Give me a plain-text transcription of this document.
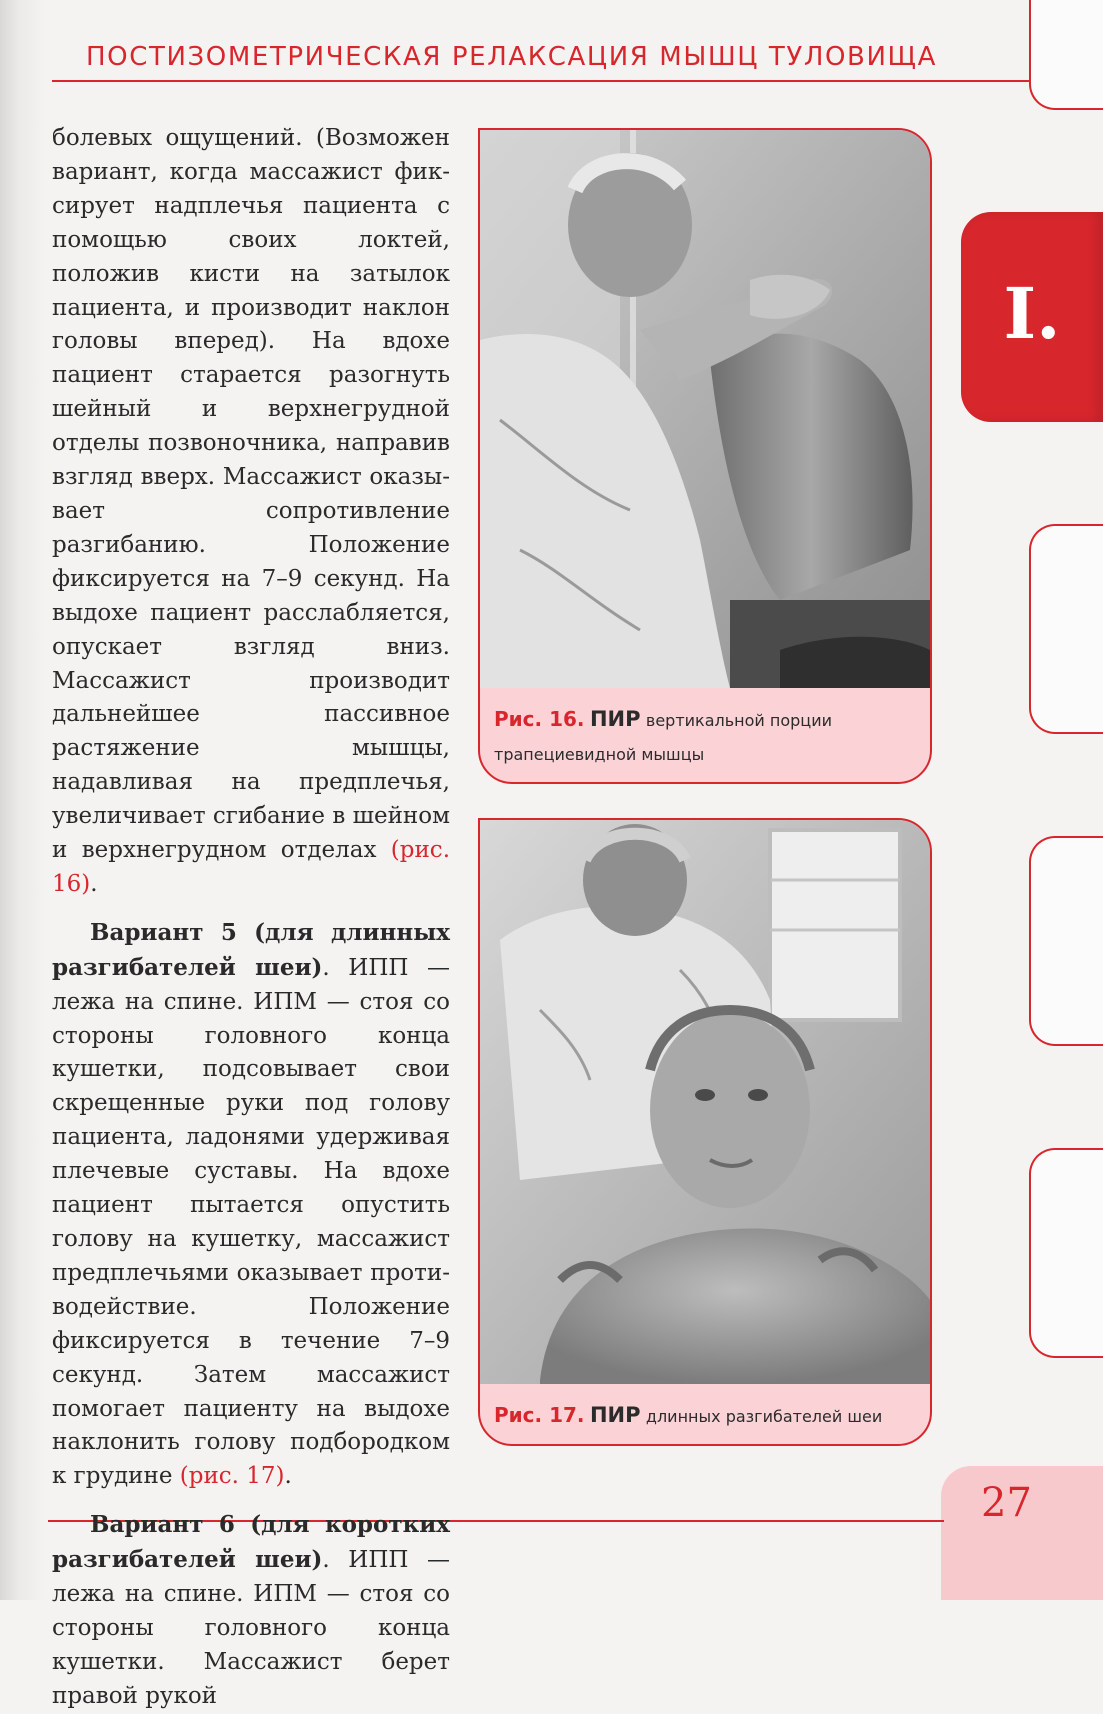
ПОСТИЗОМЕТРИЧЕСКАЯ РЕЛАКСАЦИЯ МЫШЦ ТУЛОВИЩА
I.
27

болевых ощущений. (Возможен вариант, когда массажист фиксирует надплечья пациента с помощью своих локтей, положив кисти на затылок пациента, и производит наклон головы вперед). На вдохе пациент старается разогнуть шейный и верхнегрудной отделы позвоночника, направив взгляд вверх. Массажист оказывает сопротивление разгибанию. Положение фиксируется на 7–9 секунд. На выдохе пациент расслабляется, опускает взгляд вниз. Массажист производит дальнейшее пассивное растяжение мышцы, надавливая на предплечья, увеличивает сгибание в шейном и верхнегрудном отделах (рис. 16).

Вариант 5 (для длинных разгибателей шеи). ИПП — лежа на спине. ИПМ — стоя со стороны головного конца кушетки, подсовывает свои скрещенные руки под голову пациента, ладонями удерживая плечевые суставы. На вдохе пациент пытается опустить голову на кушетку, массажист предплечьями оказывает противодействие. Положение фиксируется в течение 7–9 секунд. Затем массажист помогает пациенту на выдохе наклонить голову подбородком к грудине (рис. 17).

Вариант 6 (для коротких разгибателей шеи). ИПП — лежа на спине. ИПМ — стоя со стороны головного конца кушетки. Массажист берет правой рукой

Рис. 16. ПИР вертикальной порции трапециевидной мышцы
Рис. 17. ПИР длинных разгибателей шеи
